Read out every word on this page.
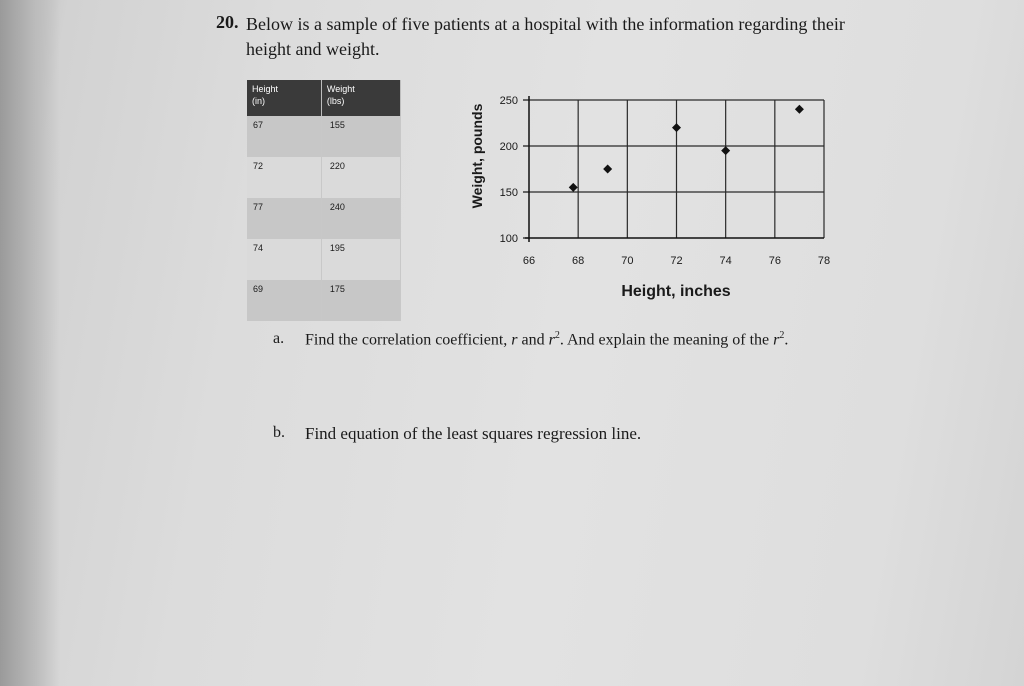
20. Below is a sample of five patients at a hospital with the information regarding their
height and weight.
Height
(in)	Weight
(lbs)

67	155
72	220
77	240
74	195
69	175
66	68	70	72	74	76	78
100
150
200
250
Weight, pounds
Height, inches
a. Find the correlation coefficient, r and $r^2$. And explain the meaning of the $r^2$.
b. Find equation of the least squares regression line.
